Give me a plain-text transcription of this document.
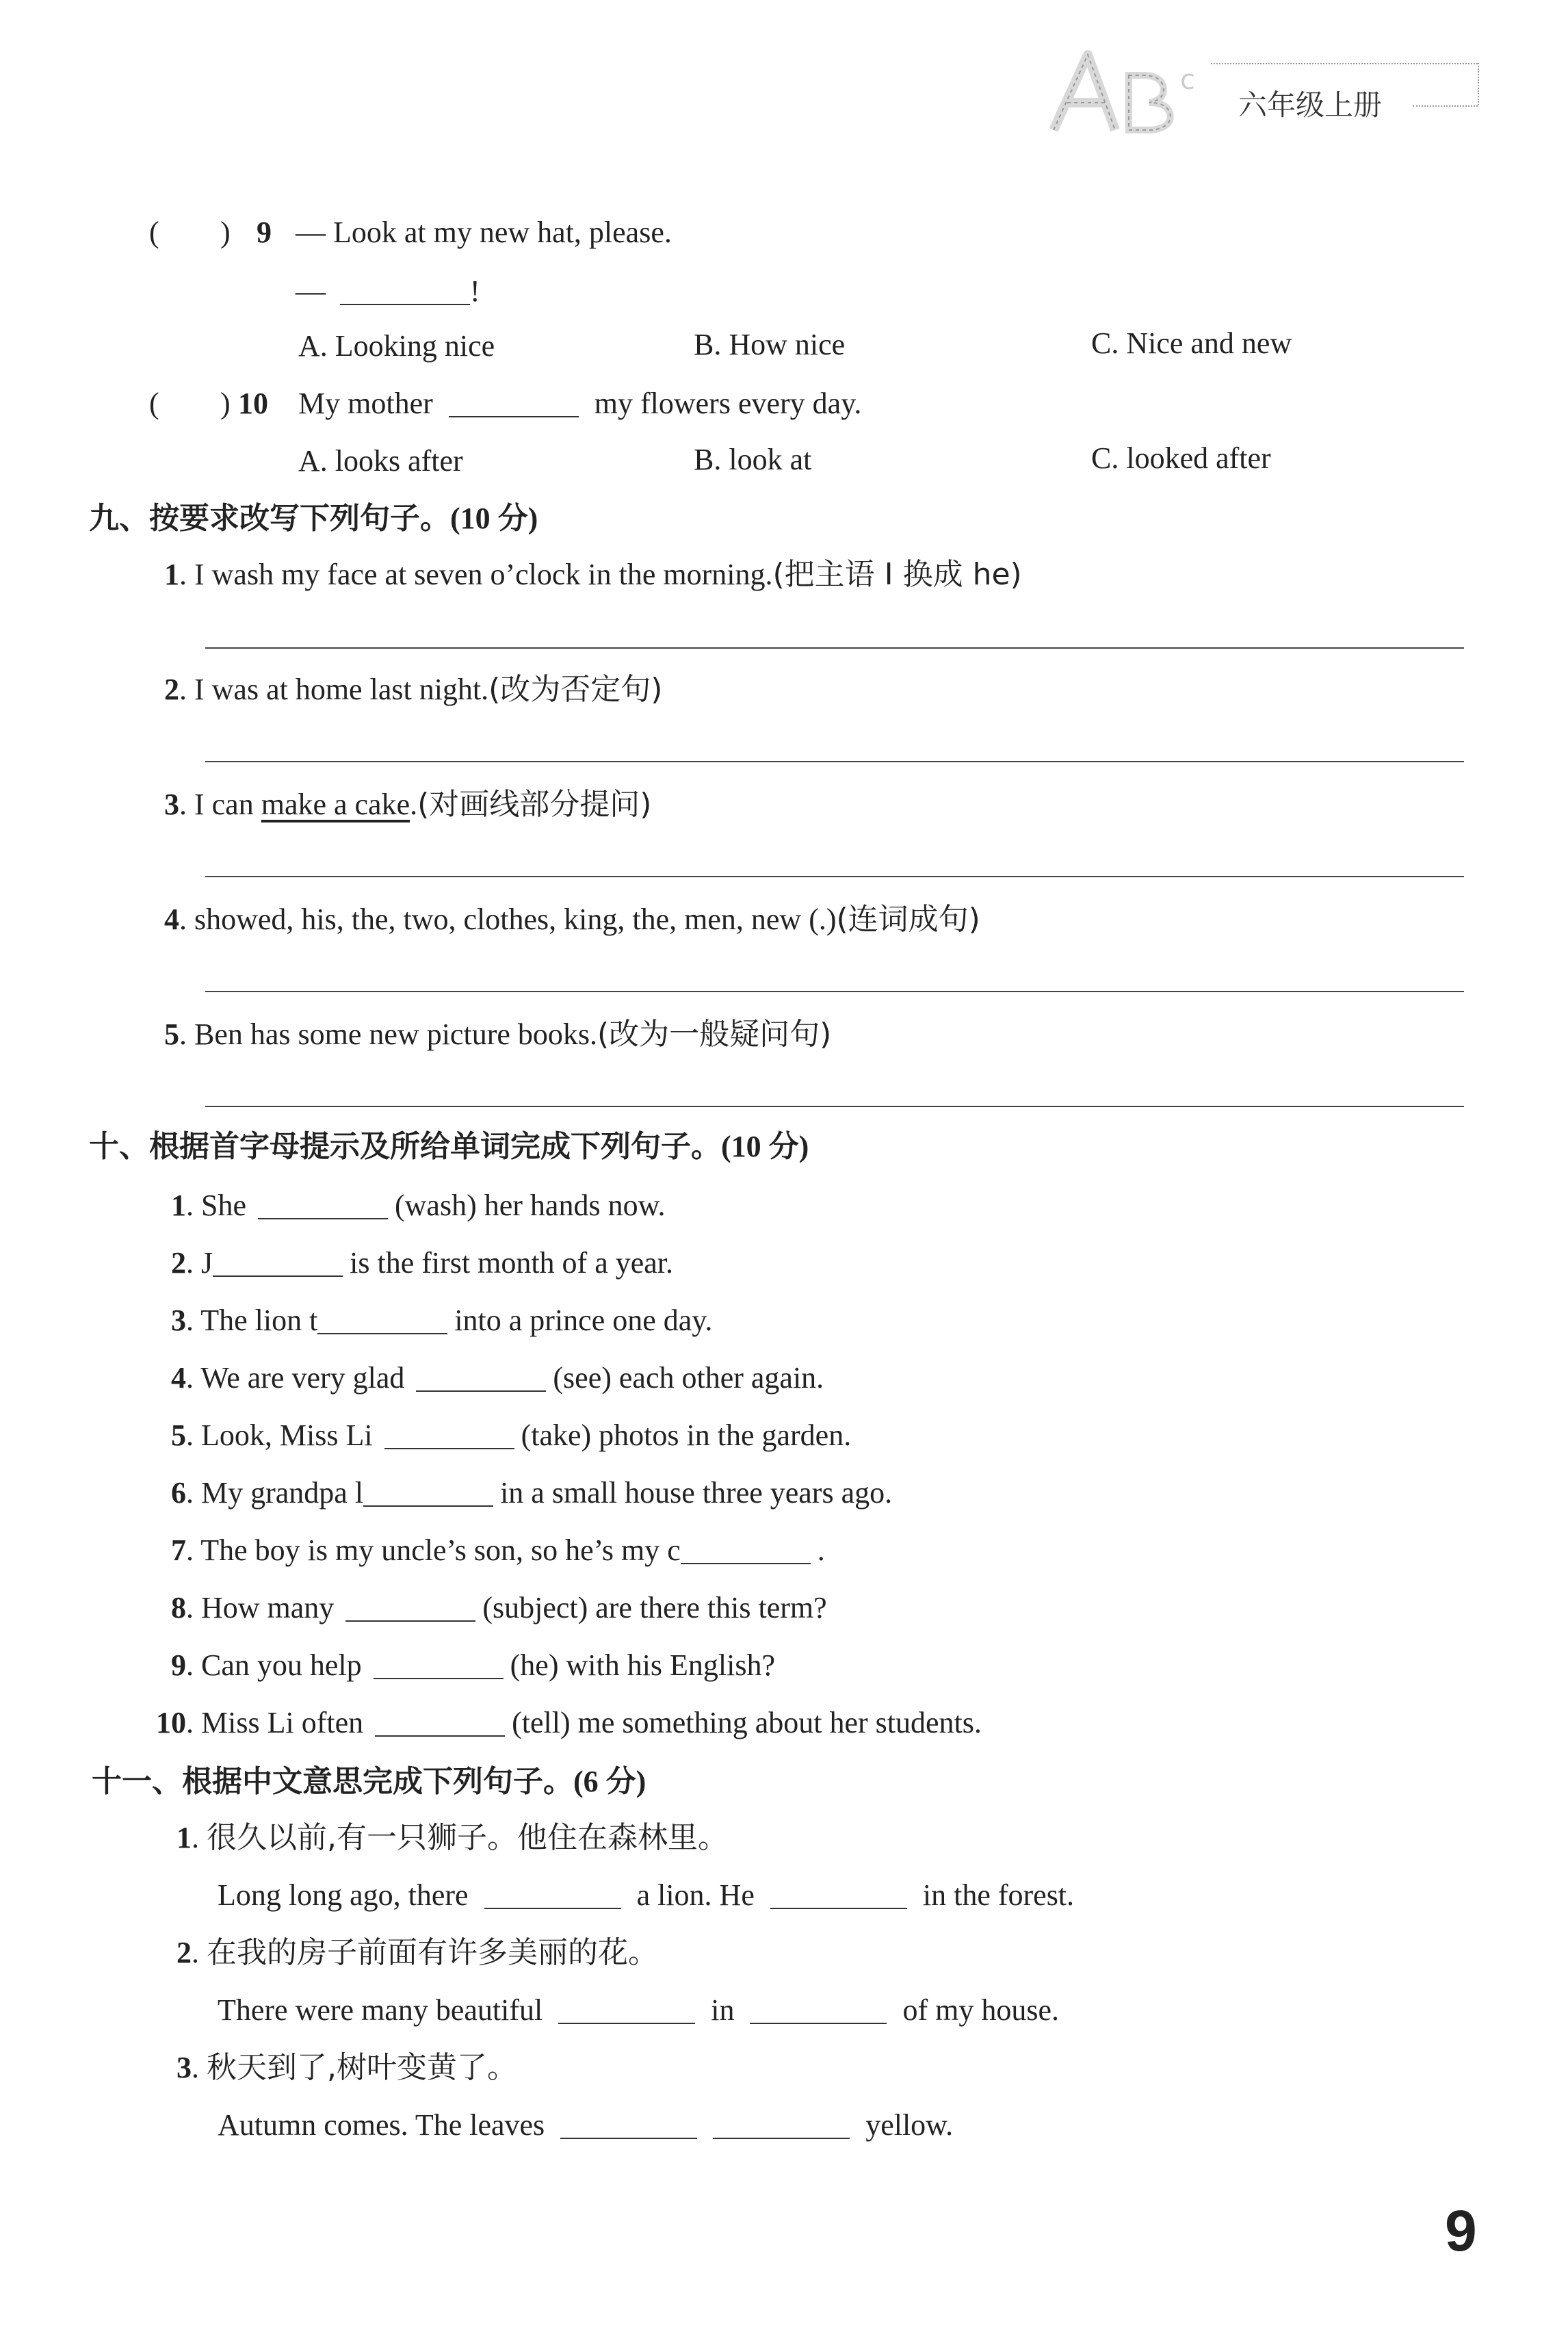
c
六年级上册
( ) 9 — Look at my new hat, please.
—	!
A. Looking nice	B. How nice	C. Nice and new
( ) 10 My mother	my flowers every day.
A. looks after	B. look at	C. looked after
九、按要求改写下列句子。(10 分)
1. I wash my face at seven o’clock in the morning.(把主语 I 换成 he)
2. I was at home last night.(改为否定句)
3. I can make a cake.(对画线部分提问)
4. showed, his, the, two, clothes, king, the, men, new (.)(连词成句)
5. Ben has some new picture books.(改为一般疑问句)
十、根据首字母提示及所给单词完成下列句子。(10 分)
1. She	(wash) her hands now.
2. J	is the first month of a year.
3. The lion t	into a prince one day.
4. We are very glad	(see) each other again.
5. Look, Miss Li	(take) photos in the garden.
6. My grandpa l	in a small house three years ago.
7. The boy is my uncle’s son, so he’s my c	.
8. How many	(subject) are there this term?
9. Can you help	(he) with his English?
10. Miss Li often	(tell) me something about her students.
十一、根据中文意思完成下列句子。(6 分)
1. 很久以前,有一只狮子。他住在森林里。
Long long ago, there	a lion. He	in the forest.
2. 在我的房子前面有许多美丽的花。
There were many beautiful	in	of my house.
3. 秋天到了,树叶变黄了。
Autumn comes. The leaves	yellow.
9
